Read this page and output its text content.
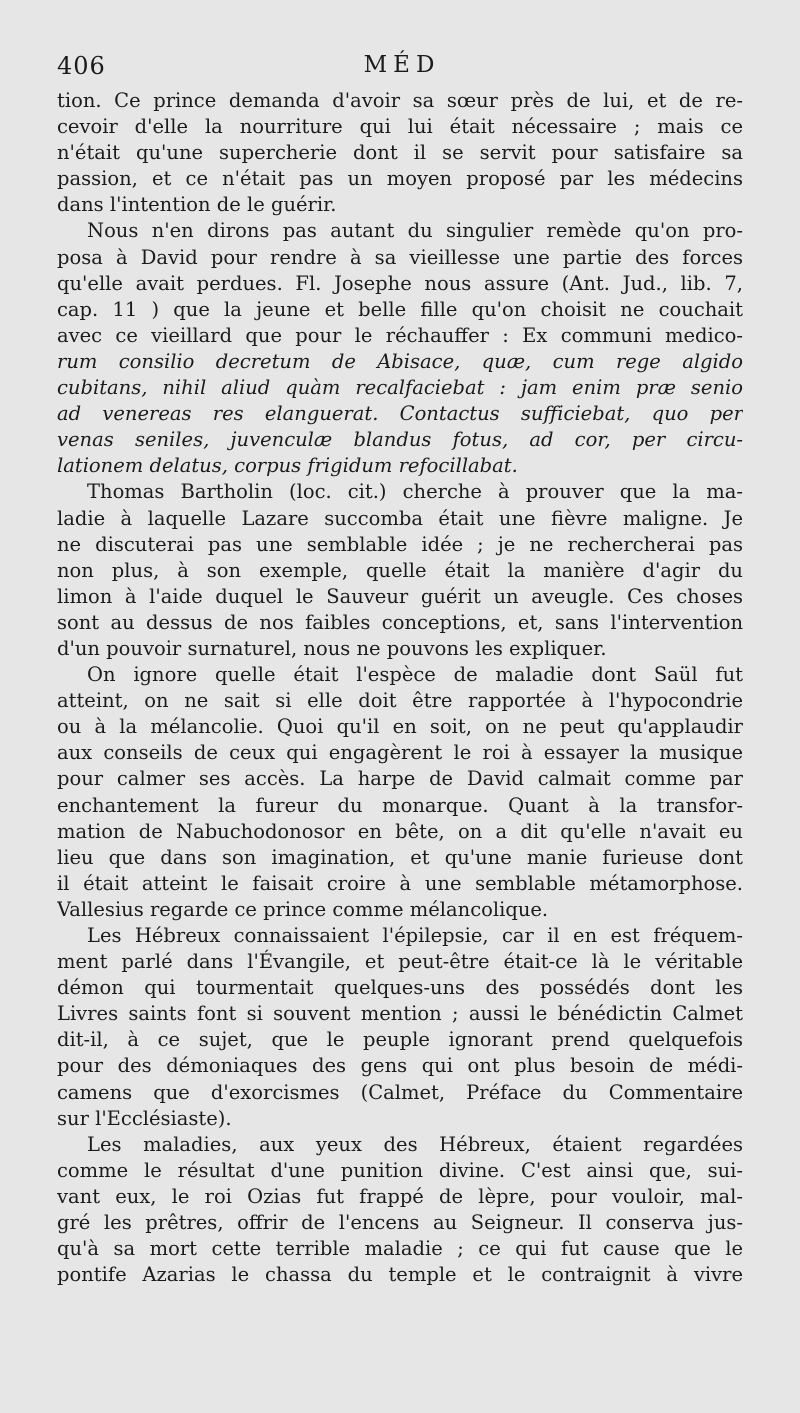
406	MÉD
tion. Ce prince demanda d'avoir sa sœur près de lui, et de re-
cevoir d'elle la nourriture qui lui était nécessaire ; mais ce
n'était qu'une supercherie dont il se servit pour satisfaire sa
passion, et ce n'était pas un moyen proposé par les médecins
dans l'intention de le guérir.
Nous n'en dirons pas autant du singulier remède qu'on pro-
posa à David pour rendre à sa vieillesse une partie des forces
qu'elle avait perdues. Fl. Josephe nous assure (Ant. Jud., lib. 7,
cap. 11 ) que la jeune et belle fille qu'on choisit ne couchait
avec ce vieillard que pour le réchauffer : Ex communi medico-
rum consilio decretum de Abisace, quæ, cum rege algido
cubitans, nihil aliud quàm recalfaciebat : jam enim præ senio
ad venereas res elanguerat. Contactus sufficiebat, quo per
venas seniles, juvenculæ blandus fotus, ad cor, per circu-
lationem delatus, corpus frigidum refocillabat.
Thomas Bartholin (loc. cit.) cherche à prouver que la ma-
ladie à laquelle Lazare succomba était une fièvre maligne. Je
ne discuterai pas une semblable idée ; je ne rechercherai pas
non plus, à son exemple, quelle était la manière d'agir du
limon à l'aide duquel le Sauveur guérit un aveugle. Ces choses
sont au dessus de nos faibles conceptions, et, sans l'intervention
d'un pouvoir surnaturel, nous ne pouvons les expliquer.
On ignore quelle était l'espèce de maladie dont Saül fut
atteint, on ne sait si elle doit être rapportée à l'hypocondrie
ou à la mélancolie. Quoi qu'il en soit, on ne peut qu'applaudir
aux conseils de ceux qui engagèrent le roi à essayer la musique
pour calmer ses accès. La harpe de David calmait comme par
enchantement la fureur du monarque. Quant à la transfor-
mation de Nabuchodonosor en bête, on a dit qu'elle n'avait eu
lieu que dans son imagination, et qu'une manie furieuse dont
il était atteint le faisait croire à une semblable métamorphose.
Vallesius regarde ce prince comme mélancolique.
Les Hébreux connaissaient l'épilepsie, car il en est fréquem-
ment parlé dans l'Évangile, et peut-être était-ce là le véritable
démon qui tourmentait quelques-uns des possédés dont les
Livres saints font si souvent mention ; aussi le bénédictin Calmet
dit-il, à ce sujet, que le peuple ignorant prend quelquefois
pour des démoniaques des gens qui ont plus besoin de médi-
camens que d'exorcismes (Calmet, Préface du Commentaire
sur l'Ecclésiaste).
Les maladies, aux yeux des Hébreux, étaient regardées
comme le résultat d'une punition divine. C'est ainsi que, sui-
vant eux, le roi Ozias fut frappé de lèpre, pour vouloir, mal-
gré les prêtres, offrir de l'encens au Seigneur. Il conserva jus-
qu'à sa mort cette terrible maladie ; ce qui fut cause que le
pontife Azarias le chassa du temple et le contraignit à vivre
